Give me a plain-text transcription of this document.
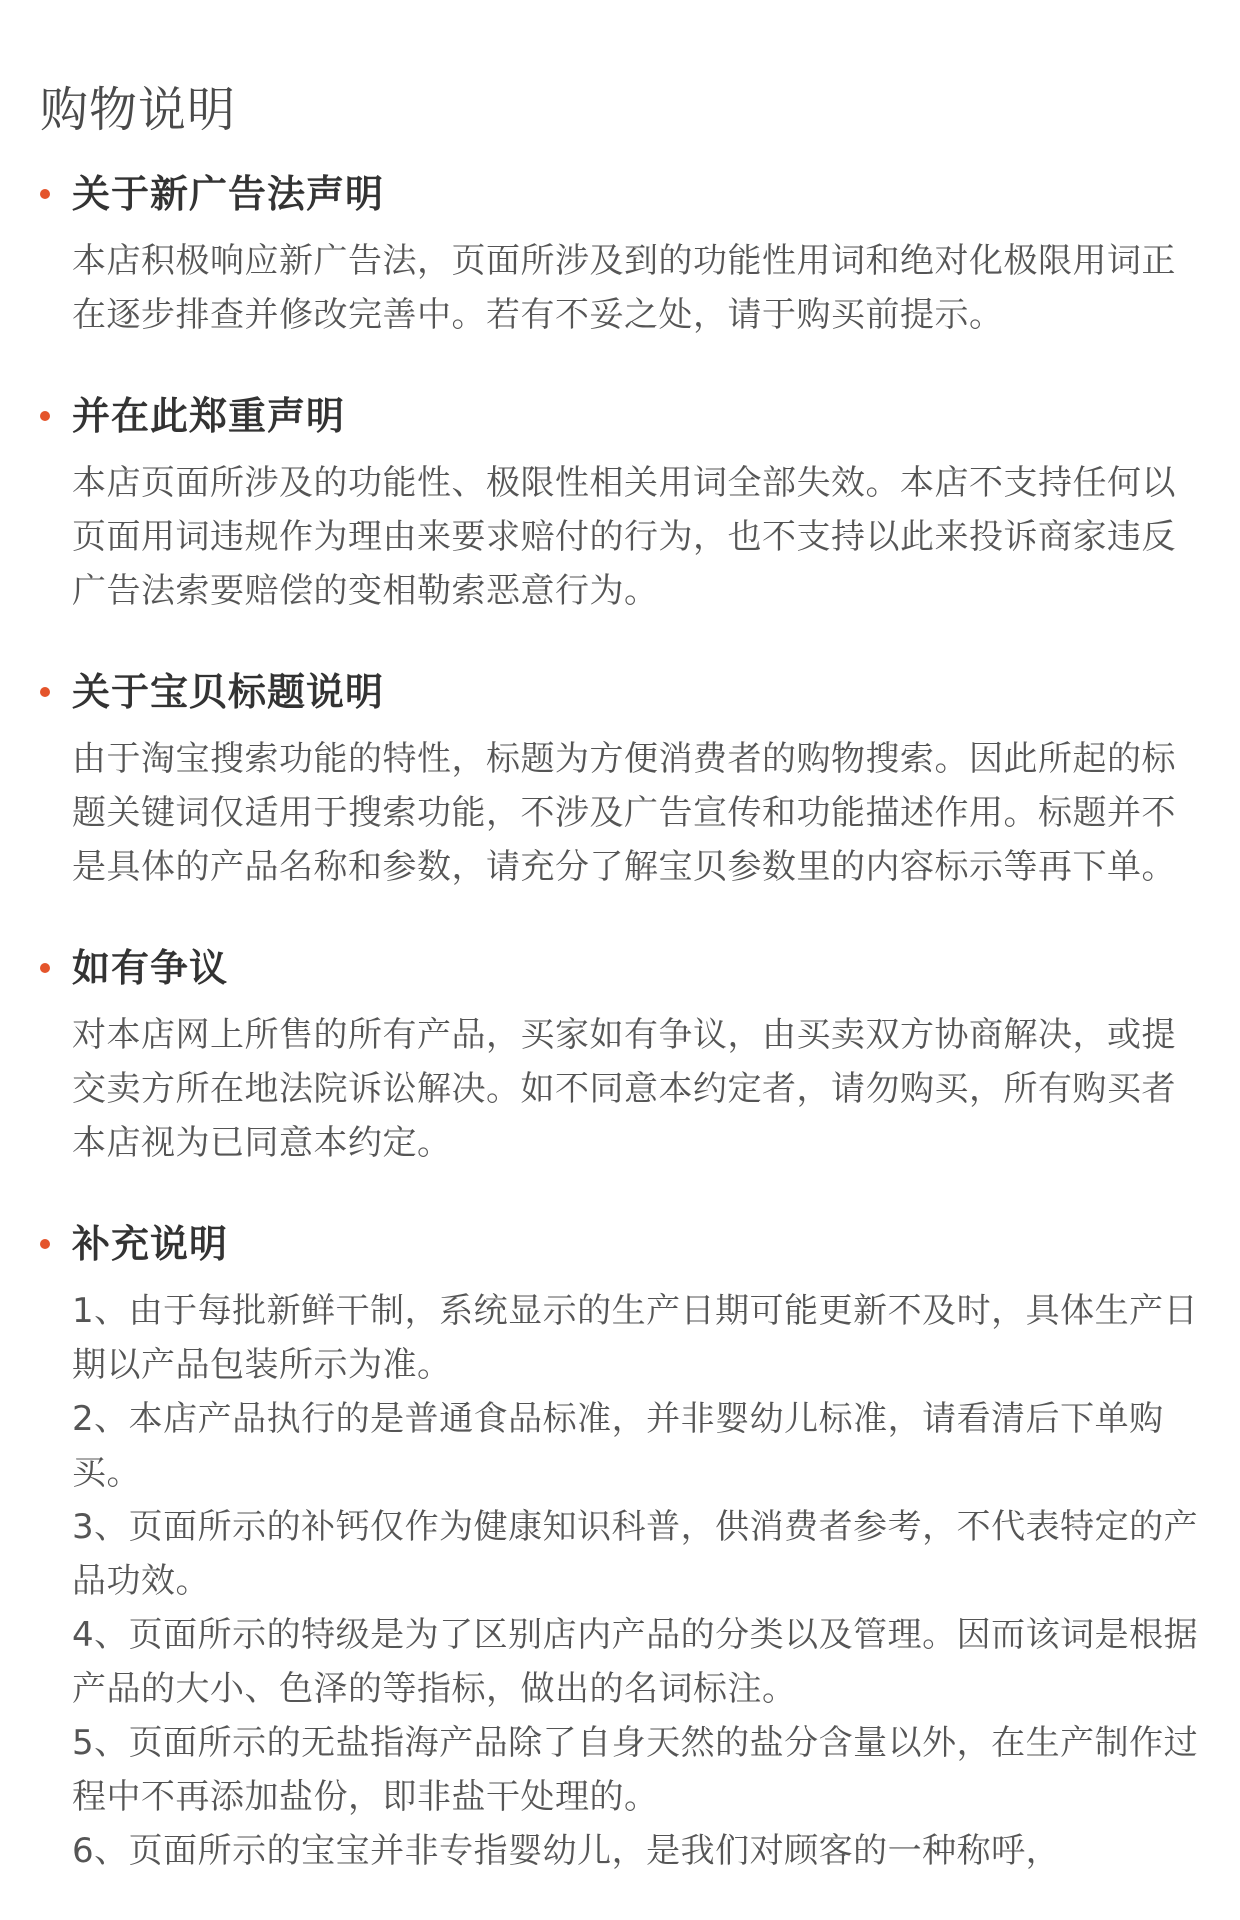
购物说明
关于新广告法声明
本店积极响应新广告法，页面所涉及到的功能性用词和绝对化极限用词正在逐步排查并修改完善中。若有不妥之处，请于购买前提示。
并在此郑重声明
本店页面所涉及的功能性、极限性相关用词全部失效。本店不支持任何以页面用词违规作为理由来要求赔付的行为，也不支持以此来投诉商家违反广告法索要赔偿的变相勒索恶意行为。
关于宝贝标题说明
由于淘宝搜索功能的特性，标题为方便消费者的购物搜索。因此所起的标题关键词仅适用于搜索功能，不涉及广告宣传和功能描述作用。标题并不是具体的产品名称和参数，请充分了解宝贝参数里的内容标示等再下单。
如有争议
对本店网上所售的所有产品，买家如有争议，由买卖双方协商解决，或提交卖方所在地法院诉讼解决。如不同意本约定者，请勿购买，所有购买者本店视为已同意本约定。
补充说明
1、由于每批新鲜干制，系统显示的生产日期可能更新不及时，具体生产日期以产品包装所示为准。
2、本店产品执行的是普通食品标准，并非婴幼儿标准，请看清后下单购买。
3、页面所示的补钙仅作为健康知识科普，供消费者参考，不代表特定的产品功效。
4、页面所示的特级是为了区别店内产品的分类以及管理。因而该词是根据产品的大小、色泽的等指标，做出的名词标注。
5、页面所示的无盐指海产品除了自身天然的盐分含量以外，在生产制作过程中不再添加盐份，即非盐干处理的。
6、页面所示的宝宝并非专指婴幼儿，是我们对顾客的一种称呼，
